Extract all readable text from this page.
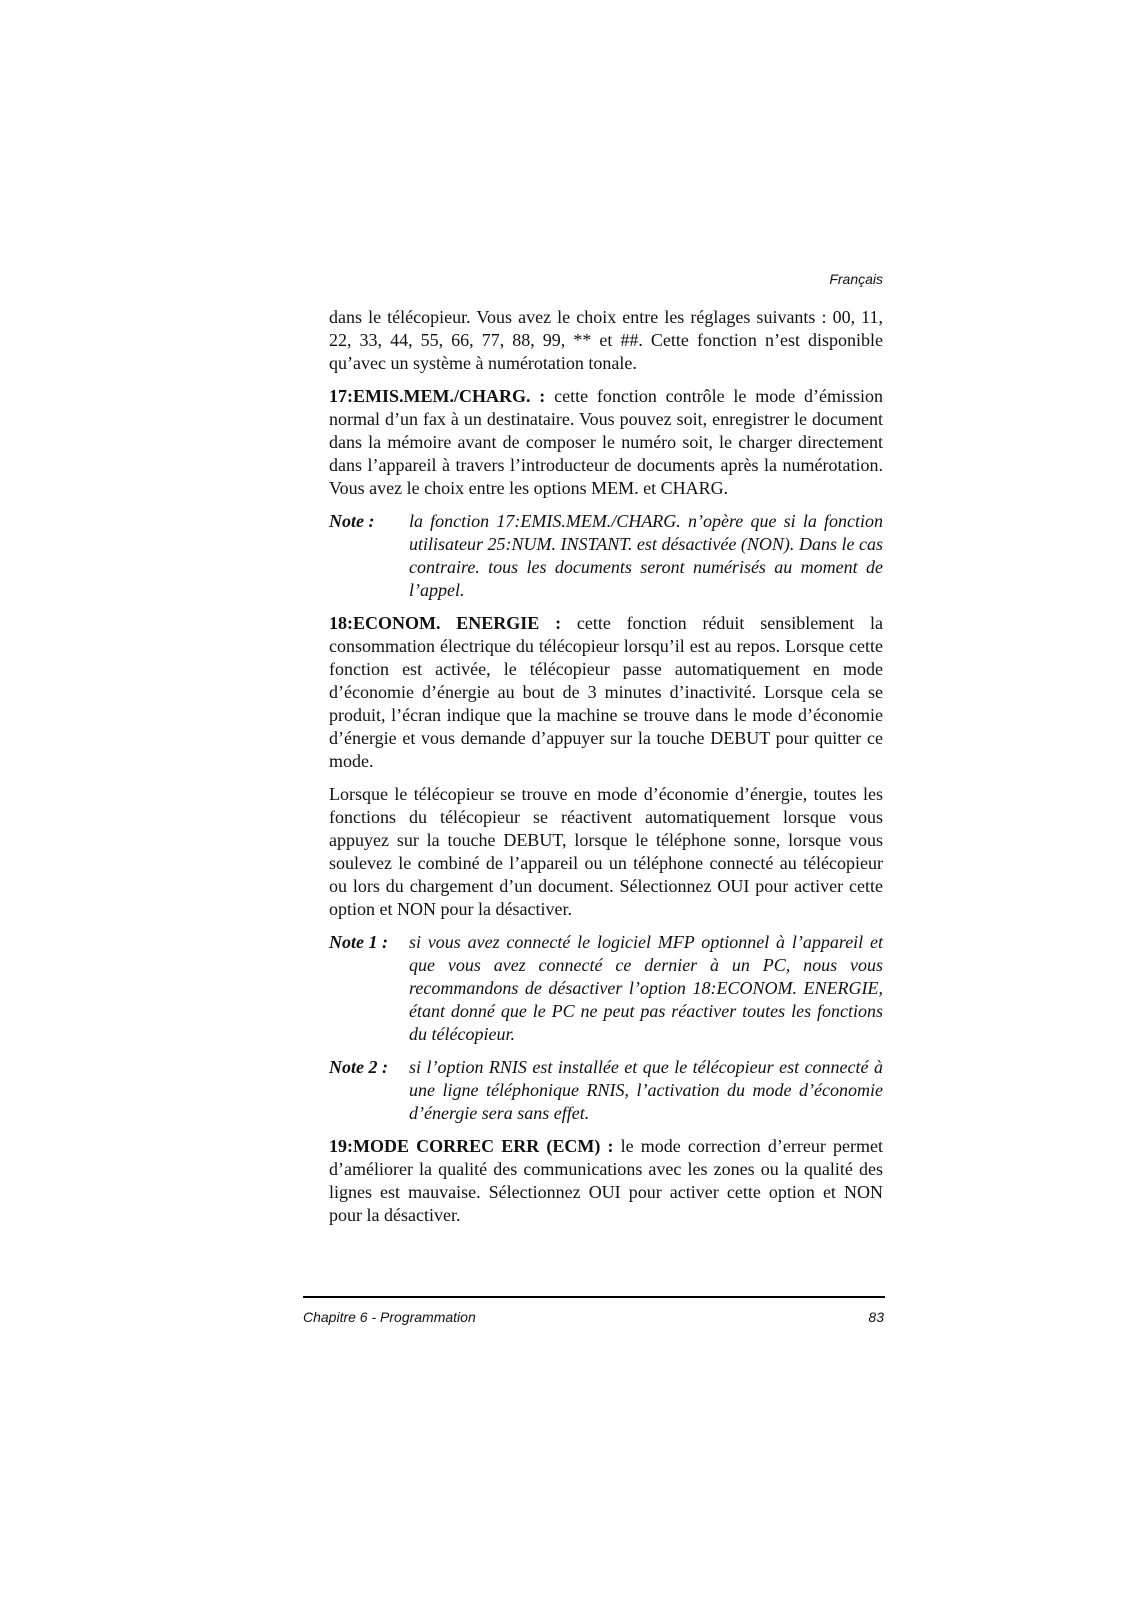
Français

dans le télécopieur. Vous avez le choix entre les réglages suivants : 00, 11, 22, 33, 44, 55, 66, 77, 88, 99, ** et ##. Cette fonction n’est disponible qu’avec un système à numérotation tonale.

17:EMIS.MEM./CHARG. : cette fonction contrôle le mode d’émission normal d’un fax à un destinataire. Vous pouvez soit, enregistrer le document dans la mémoire avant de composer le numéro soit, le charger directement dans l’appareil à travers l’introducteur de documents après la numérotation. Vous avez le choix entre les options MEM. et CHARG.

Note :	la fonction 17:EMIS.MEM./CHARG. n’opère que si la fonction utilisateur 25:NUM. INSTANT. est désactivée (NON). Dans le cas contraire. tous les documents seront numérisés au moment de l’appel.

18:ECONOM. ENERGIE : cette fonction réduit sensiblement la consommation électrique du télécopieur lorsqu’il est au repos. Lorsque cette fonction est activée, le télécopieur passe automatiquement en mode d’économie d’énergie au bout de 3 minutes d’inactivité. Lorsque cela se produit, l’écran indique que la machine se trouve dans le mode d’économie d’énergie et vous demande d’appuyer sur la touche DEBUT pour quitter ce mode.

Lorsque le télécopieur se trouve en mode d’économie d’énergie, toutes les fonctions du télécopieur se réactivent automatiquement lorsque vous appuyez sur la touche DEBUT, lorsque le téléphone sonne, lorsque vous soulevez le combiné de l’appareil ou un téléphone connecté au télécopieur ou lors du chargement d’un document. Sélectionnez OUI pour activer cette option et NON pour la désactiver.

Note 1 :	si vous avez connecté le logiciel MFP optionnel à l’appareil et que vous avez connecté ce dernier à un PC, nous vous recommandons de désactiver l’option 18:ECONOM. ENERGIE, étant donné que le PC ne peut pas réactiver toutes les fonctions du télécopieur.
Note 2 :	si l’option RNIS est installée et que le télécopieur est connecté à une ligne téléphonique RNIS, l’activation du mode d’économie d’énergie sera sans effet.

19:MODE CORREC ERR (ECM) : le mode correction d’erreur permet d’améliorer la qualité des communications avec les zones ou la qualité des lignes est mauvaise. Sélectionnez OUI pour activer cette option et NON pour la désactiver.

Chapitre 6 - Programmation	83
